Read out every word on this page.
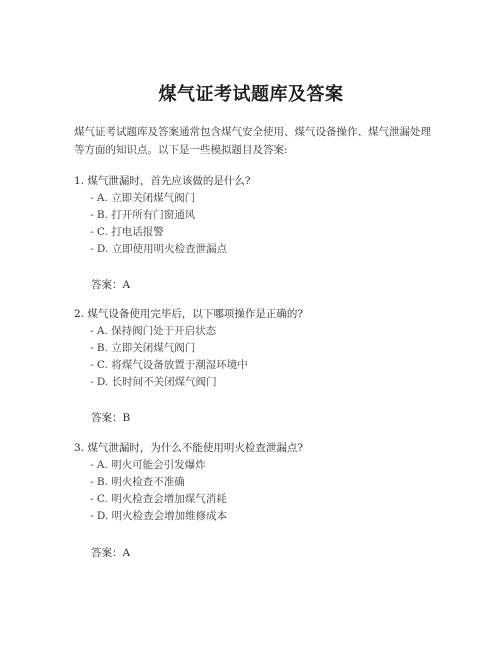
煤气证考试题库及答案
煤气证考试题库及答案通常包含煤气安全使用、煤气设备操作、煤气泄漏处理等方面的知识点。以下是一些模拟题目及答案:
1. 煤气泄漏时，首先应该做的是什么?
- A. 立即关闭煤气阀门
- B. 打开所有门窗通风
- C. 打电话报警
- D. 立即使用明火检查泄漏点
答案：A
2. 煤气设备使用完毕后，以下哪项操作是正确的?
- A. 保持阀门处于开启状态
- B. 立即关闭煤气阀门
- C. 将煤气设备放置于潮湿环境中
- D. 长时间不关闭煤气阀门
答案：B
3. 煤气泄漏时，为什么不能使用明火检查泄漏点?
- A. 明火可能会引发爆炸
- B. 明火检查不准确
- C. 明火检查会增加煤气消耗
- D. 明火检查会增加维修成本
答案：A
